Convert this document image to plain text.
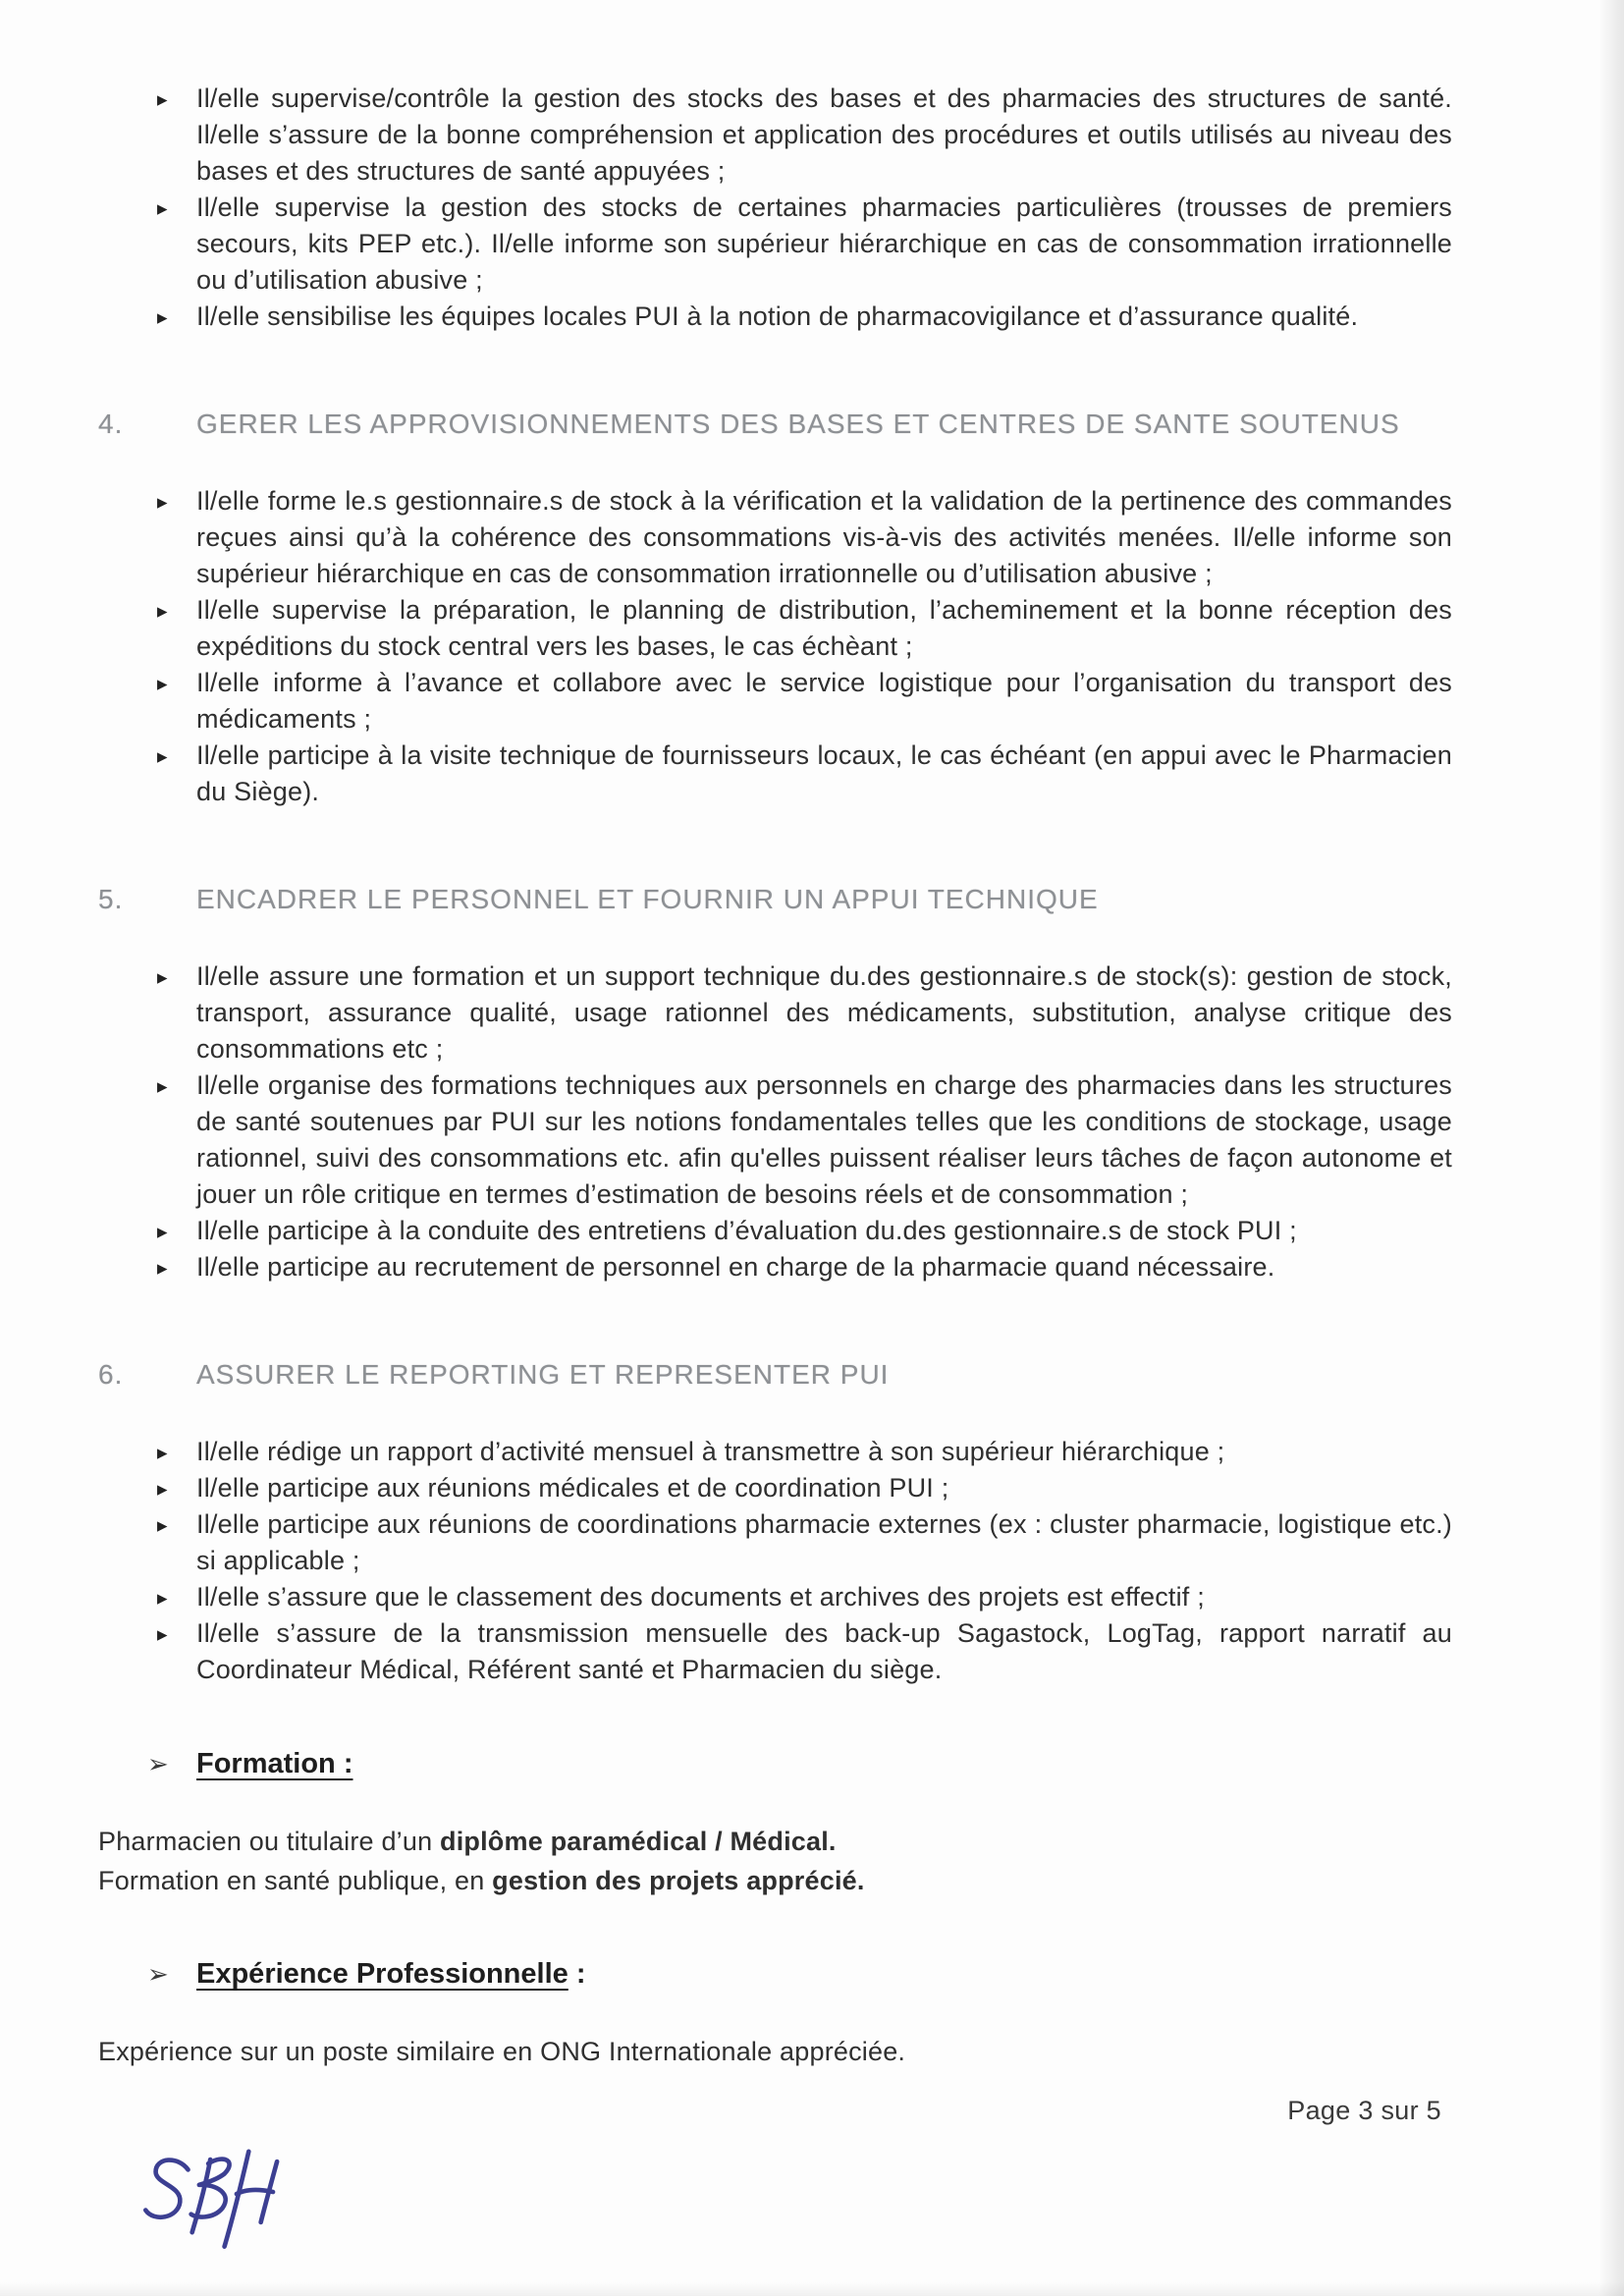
▸	Il/elle supervise/contrôle la gestion des stocks des bases et des pharmacies des structures de santé. Il/elle s’assure de la bonne compréhension et application des procédures et outils utilisés au niveau des bases et des structures de santé appuyées ;
▸	Il/elle supervise la gestion des stocks de certaines pharmacies particulières (trousses de premiers secours, kits PEP etc.). Il/elle informe son supérieur hiérarchique en cas de consommation irrationnelle ou d’utilisation abusive ;
▸	Il/elle sensibilise les équipes locales PUI à la notion de pharmacovigilance et d’assurance qualité.
4.	GERER LES APPROVISIONNEMENTS DES BASES ET CENTRES DE SANTE SOUTENUS
▸	Il/elle forme le.s gestionnaire.s de stock à la vérification et la validation de la pertinence des commandes reçues ainsi qu’à la cohérence des consommations vis-à-vis des activités menées. Il/elle informe son supérieur hiérarchique en cas de consommation irrationnelle ou d’utilisation abusive ;
▸	Il/elle supervise la préparation, le planning de distribution, l’acheminement et la bonne réception des expéditions du stock central vers les bases, le cas échèant ;
▸	Il/elle informe à l’avance et collabore avec le service logistique pour l’organisation du transport des médicaments ;
▸	Il/elle participe à la visite technique de fournisseurs locaux, le cas échéant (en appui avec le Pharmacien du Siège).
5.	ENCADRER LE PERSONNEL ET FOURNIR UN APPUI TECHNIQUE
▸	Il/elle assure une formation et un support technique du.des gestionnaire.s de stock(s): gestion de stock, transport, assurance qualité, usage rationnel des médicaments, substitution, analyse critique des consommations etc ;
▸	Il/elle organise des formations techniques aux personnels en charge des pharmacies dans les structures de santé soutenues par PUI sur les notions fondamentales telles que les conditions de stockage, usage rationnel, suivi des consommations etc. afin qu'elles puissent réaliser leurs tâches de façon autonome et jouer un rôle critique en termes d’estimation de besoins réels et de consommation ;
▸	Il/elle participe à la conduite des entretiens d’évaluation du.des gestionnaire.s de stock PUI ;
▸	Il/elle participe au recrutement de personnel en charge de la pharmacie quand nécessaire.
6.	ASSURER LE REPORTING ET REPRESENTER PUI
▸	Il/elle rédige un rapport d’activité mensuel à transmettre à son supérieur hiérarchique ;
▸	Il/elle participe aux réunions médicales et de coordination PUI ;
▸	Il/elle participe aux réunions de coordinations pharmacie externes (ex : cluster pharmacie, logistique etc.) si applicable ;
▸	Il/elle s’assure que le classement des documents et archives des projets est effectif ;
▸	Il/elle s’assure de la transmission mensuelle des back-up Sagastock, LogTag, rapport narratif au Coordinateur Médical, Référent santé et Pharmacien du siège.
➢ Formation :

Pharmacien ou titulaire d’un diplôme paramédical / Médical.

Formation en santé publique, en gestion des projets apprécié.

➢ Expérience Professionnelle :

Expérience sur un poste similaire en ONG Internationale appréciée.

Page 3 sur 5
